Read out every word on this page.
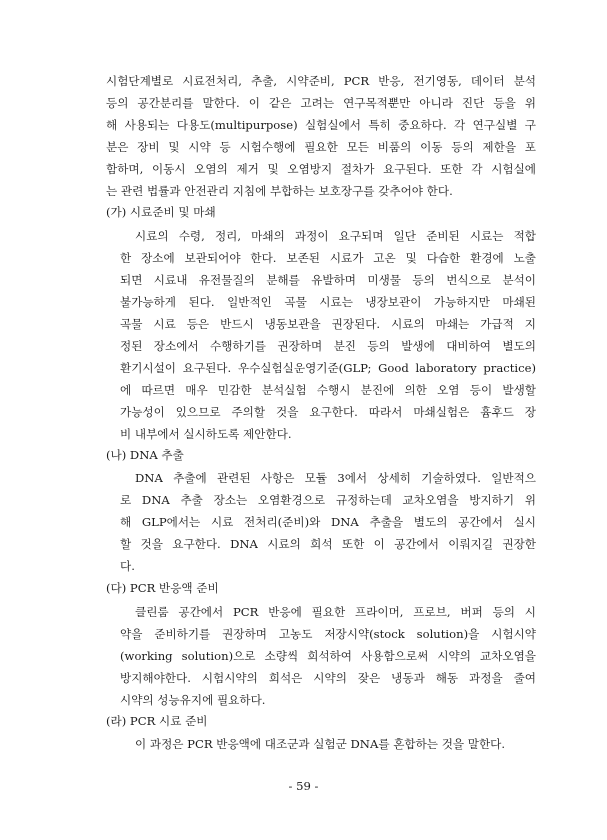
시험단계별로 시료전처리, 추출, 시약준비, PCR 반응, 전기영동, 데이터 분석

등의 공간분리를 말한다. 이 같은 고려는 연구목적뿐만 아니라 진단 등을 위

해 사용되는 다용도(multipurpose) 실험실에서 특히 중요하다. 각 연구실별 구

분은 장비 및 시약 등 시험수행에 필요한 모든 비품의 이동 등의 제한을 포

함하며, 이동시 오염의 제거 및 오염방지 절차가 요구된다. 또한 각 시험실에

는 관련 법률과 안전관리 지침에 부합하는 보호장구를 갖추어야 한다.

(가) 시료준비 및 마쇄

시료의 수령, 정리, 마쇄의 과정이 요구되며 일단 준비된 시료는 적합

한 장소에 보관되어야 한다. 보존된 시료가 고온 및 다습한 환경에 노출

되면 시료내 유전물질의 분해를 유발하며 미생물 등의 번식으로 분석이

불가능하게 된다. 일반적인 곡물 시료는 냉장보관이 가능하지만 마쇄된

곡물 시료 등은 반드시 냉동보관을 권장된다. 시료의 마쇄는 가급적 지

정된 장소에서 수행하기를 권장하며 분진 등의 발생에 대비하여 별도의

환기시설이 요구된다. 우수실험실운영기준(GLP; Good laboratory practice)

에 따르면 매우 민감한 분석실험 수행시 분진에 의한 오염 등이 발생할

가능성이 있으므로 주의할 것을 요구한다. 따라서 마쇄실험은 흄후드 장

비 내부에서 실시하도록 제안한다.

(나) DNA 추출

DNA 추출에 관련된 사항은 모듈 3에서 상세히 기술하였다. 일반적으

로 DNA 추출 장소는 오염환경으로 규정하는데 교차오염을 방지하기 위

해 GLP에서는 시료 전처리(준비)와 DNA 추출을 별도의 공간에서 실시

할 것을 요구한다. DNA 시료의 희석 또한 이 공간에서 이뤄지길 권장한

다.

(다) PCR 반응액 준비

클린룸 공간에서 PCR 반응에 필요한 프라이머, 프로브, 버퍼 등의 시

약을 준비하기를 권장하며 고농도 저장시약(stock solution)을 시험시약

(working solution)으로 소량씩 희석하여 사용함으로써 시약의 교차오염을

방지해야한다. 시험시약의 희석은 시약의 잦은 냉동과 해동 과정을 줄여

시약의 성능유지에 필요하다.

(라) PCR 시료 준비

이 과정은 PCR 반응액에 대조군과 실험군 DNA를 혼합하는 것을 말한다.

- 59 -
